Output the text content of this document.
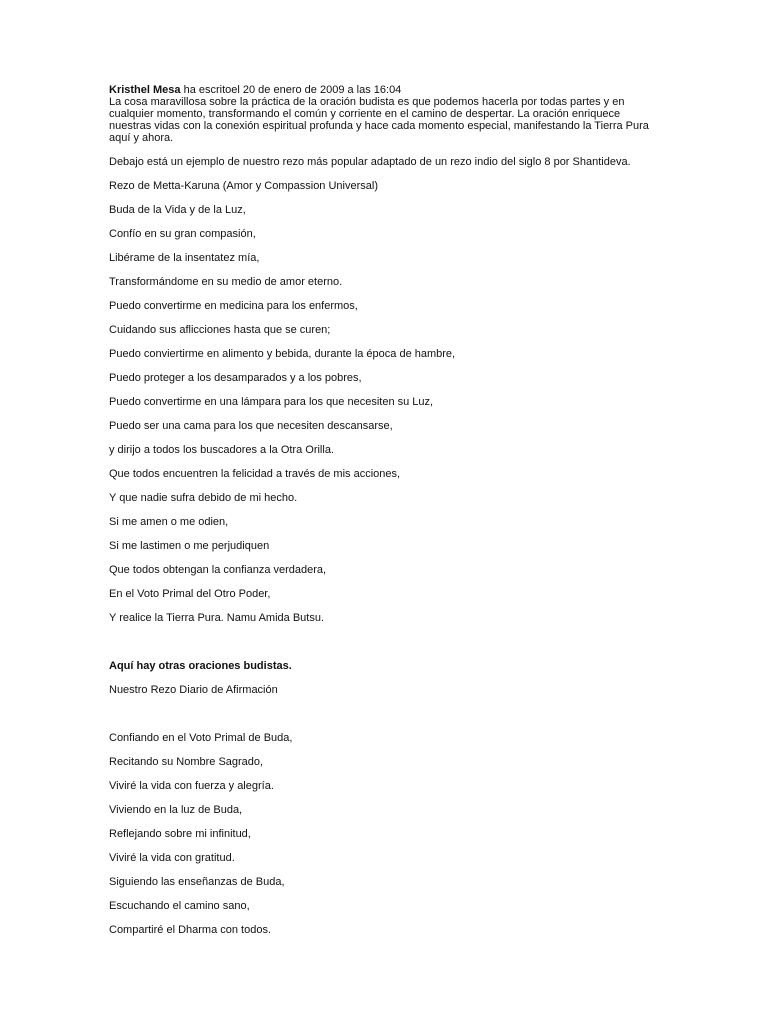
Kristhel Mesa ha escritoel 20 de enero de 2009 a las 16:04
La cosa maravillosa sobre la práctica de la oración budista es que podemos hacerla por todas partes y en
cualquier momento, transformando el común y corriente en el camino de despertar. La oración enriquece
nuestras vidas con la conexión espiritual profunda y hace cada momento especial, manifestando la Tierra Pura
aquí y ahora.
Debajo está un ejemplo de nuestro rezo más popular adaptado de un rezo indio del siglo 8 por Shantideva.
Rezo de Metta-Karuna (Amor y Compassion Universal)
Buda de la Vida y de la Luz,
Confío en su gran compasión,
Libérame de la insentatez mía,
Transformándome en su medio de amor eterno.
Puedo convertirme en medicina para los enfermos,
Cuidando sus aflicciones hasta que se curen;
Puedo conviertirme en alimento y bebida, durante la época de hambre,
Puedo proteger a los desamparados y a los pobres,
Puedo convertirme en una lámpara para los que necesiten su Luz,
Puedo ser una cama para los que necesiten descansarse,
y dirijo a todos los buscadores a la Otra Orilla.
Que todos encuentren la felicidad a través de mis acciones,
Y que nadie sufra debido de mi hecho.
Si me amen o me odien,
Si me lastimen o me perjudiquen
Que todos obtengan la confianza verdadera,
En el Voto Primal del Otro Poder,
Y realice la Tierra Pura. Namu Amida Butsu.
Aquí hay otras oraciones budistas.
Nuestro Rezo Diario de Afirmación
Confiando en el Voto Primal de Buda,
Recitando su Nombre Sagrado,
Viviré la vida con fuerza y alegría.
Viviendo en la luz de Buda,
Reflejando sobre mi infinitud,
Viviré la vida con gratitud.
Siguiendo las enseñanzas de Buda,
Escuchando el camino sano,
Compartiré el Dharma con todos.
